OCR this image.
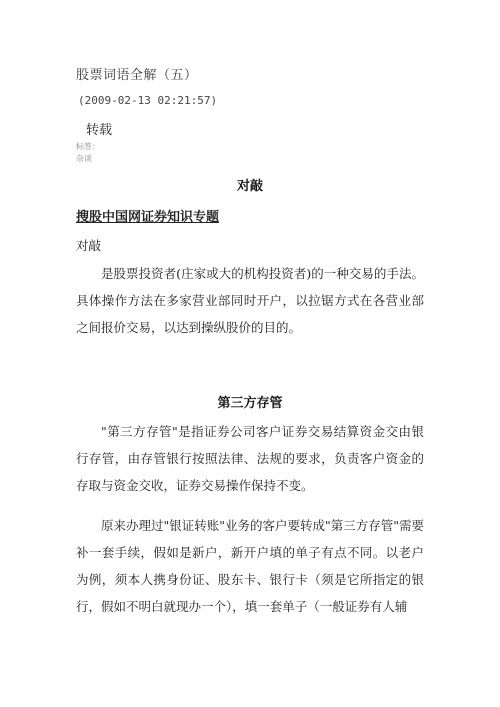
股票词语全解（五）
(2009-02-13 02:21:57)
转载
标签：
杂谈
对敲
搜股中国网证券知识专题
对敲

是股票投资者(庄家或大的机构投资者)的一种交易的手法。具体操作方法在多家营业部同时开户，以拉锯方式在各营业部之间报价交易，以达到操纵股价的目的。

第三方存管

"第三方存管"是指证券公司客户证券交易结算资金交由银行存管，由存管银行按照法律、法规的要求，负责客户资金的存取与资金交收，证券交易操作保持不变。

原来办理过"银证转账"业务的客户要转成"第三方存管"需要补一套手续，假如是新户，新开户填的单子有点不同。以老户为例，须本人携身份证、股东卡、银行卡（须是它所指定的银行，假如不明白就现办一个），填一套单子（一般证券有人辅
